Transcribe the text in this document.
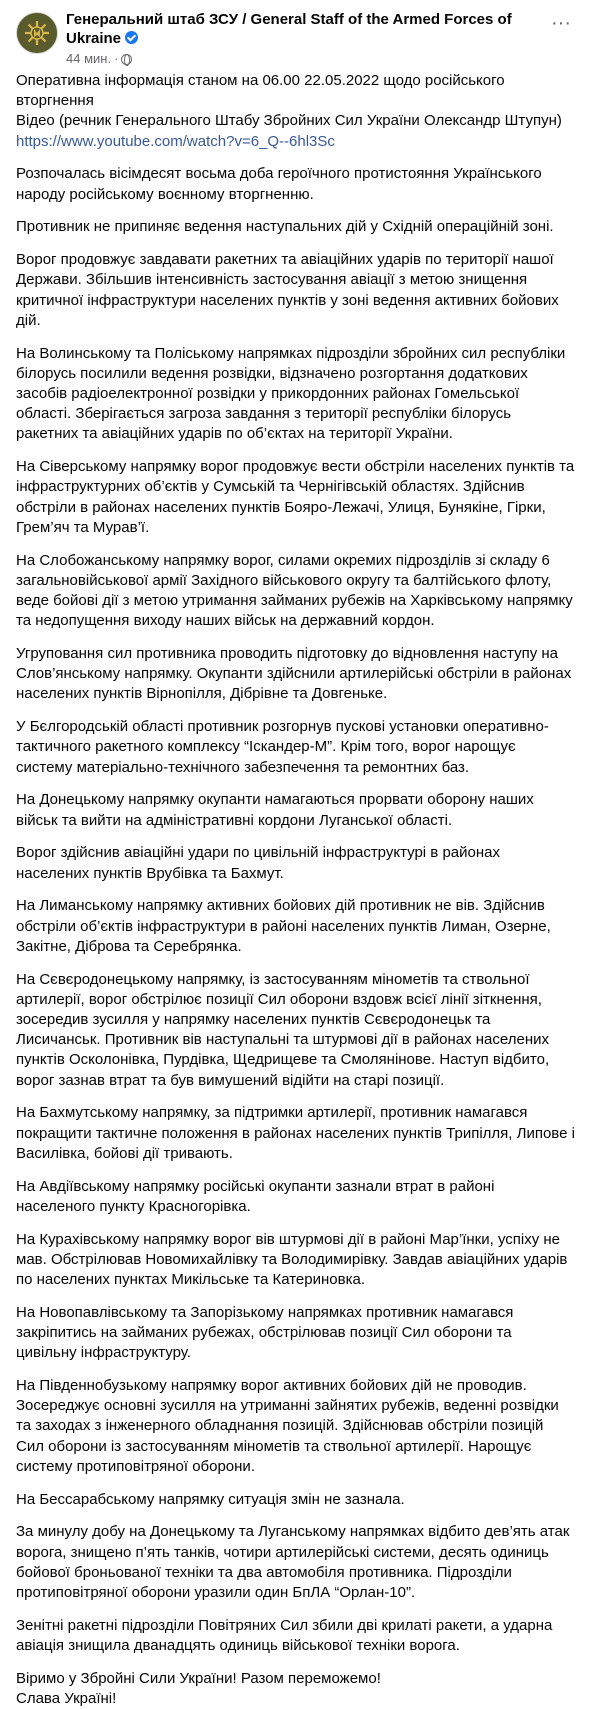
Генеральний штаб ЗСУ / General Staff of the Armed Forces of Ukraine
44 мин. ·
···

Оперативна інформація станом на 06.00 22.05.2022 щодо російського вторгнення
Відео (речник Генерального Штабу Збройних Сил України Олександр Штупун)
https://www.youtube.com/watch?v=6_Q--6hl3Sc

Розпочалась вісімдесят восьма доба героїчного протистояння Українського народу російському воєнному вторгненню.

Противник не припиняє ведення наступальних дій у Східній операційній зоні.

Ворог продовжує завдавати ракетних та авіаційних ударів по території нашої Держави. Збільшив інтенсивність застосування авіації з метою знищення критичної інфраструктури населених пунктів у зоні ведення активних бойових дій.

На Волинському та Поліському напрямках підрозділи збройних сил республіки білорусь посилили ведення розвідки, відзначено розгортання додаткових засобів радіоелектронної розвідки у прикордонних районах Гомельської області. Зберігається загроза завдання з території республіки білорусь ракетних та авіаційних ударів по об’єктах на території України.

На Сіверському напрямку ворог продовжує вести обстріли населених пунктів та інфраструктурних об’єктів у Сумській та Чернігівській областях. Здійснив обстріли в районах населених пунктів Бояро-Лежачі, Улиця, Бунякіне, Гірки, Грем’яч та Мурав’ї.

На Слобожанському напрямку ворог, силами окремих підрозділів зі складу 6 загальновійськової армії Західного військового округу та балтійського флоту, веде бойові дії з метою утримання займаних рубежів на Харківському напрямку та недопущення виходу наших військ на державний кордон.

Угруповання сил противника проводить підготовку до відновлення наступу на Слов’янському напрямку. Окупанти здійснили артилерійські обстріли в районах населених пунктів Вірнопілля, Дібрівне та Довгеньке.

У Бєлгородській області противник розгорнув пускові установки оперативно-тактичного ракетного комплексу “Іскандер-М”. Крім того, ворог нарощує систему матеріально-технічного забезпечення та ремонтних баз.

На Донецькому напрямку окупанти намагаються прорвати оборону наших військ та вийти на адміністративні кордони Луганської області.

Ворог здійснив авіаційні удари по цивільній інфраструктурі в районах населених пунктів Врубівка та Бахмут.

На Лиманському напрямку активних бойових дій противник не вів. Здійснив обстріли об’єктів інфраструктури в районі населених пунктів Лиман, Озерне, Закітне, Діброва та Серебрянка.

На Сєвєродонецькому напрямку, із застосуванням мінометів та ствольної артилерії, ворог обстрілює позиції Сил оборони вздовж всієї лінії зіткнення, зосередив зусилля у напрямку населених пунктів Сєвєродонецьк та Лисичанськ. Противник вів наступальні та штурмові дії в районах населених пунктів Осколонівка, Пурдівка, Щедрищеве та Смолянінове. Наступ відбито, ворог зазнав втрат та був вимушений відійти на старі позиції.

На Бахмутському напрямку, за підтримки артилерії, противник намагався покращити тактичне положення в районах населених пунктів Трипілля, Липове і Василівка, бойові дії тривають.

На Авдіївському напрямку російські окупанти зазнали втрат в районі населеного пункту Красногорівка.

На Курахівському напрямку ворог вів штурмові дії в районі Мар’їнки, успіху не мав. Обстрілював Новомихайлівку та Володимирівку. Завдав авіаційних ударів по населених пунктах Микільське та Катериновка.

На Новопавлівському та Запорізькому напрямках противник намагався закріпитись на займаних рубежах, обстрілював позиції Сил оборони та цивільну інфраструктуру.

На Південнобузькому напрямку ворог активних бойових дій не проводив. Зосереджує основні зусилля на утриманні зайнятих рубежів, веденні розвідки та заходах з інженерного обладнання позицій. Здійснював обстріли позицій Сил оборони із застосуванням мінометів та ствольної артилерії. Нарощує систему протиповітряної оборони.

На Бессарабському напрямку ситуація змін не зазнала.

За минулу добу на Донецькому та Луганському напрямках відбито дев’ять атак ворога, знищено п’ять танків, чотири артилерійські системи, десять одиниць бойової броньованої техніки та два автомобіля противника. Підрозділи протиповітряної оборони уразили один БпЛА “Орлан-10”.

Зенітні ракетні підрозділи Повітряних Сил збили дві крилаті ракети, а ударна авіація знищила дванадцять одиниць військової техніки ворога.

Віримо у Збройні Сили України! Разом переможемо!
Слава Україні!
